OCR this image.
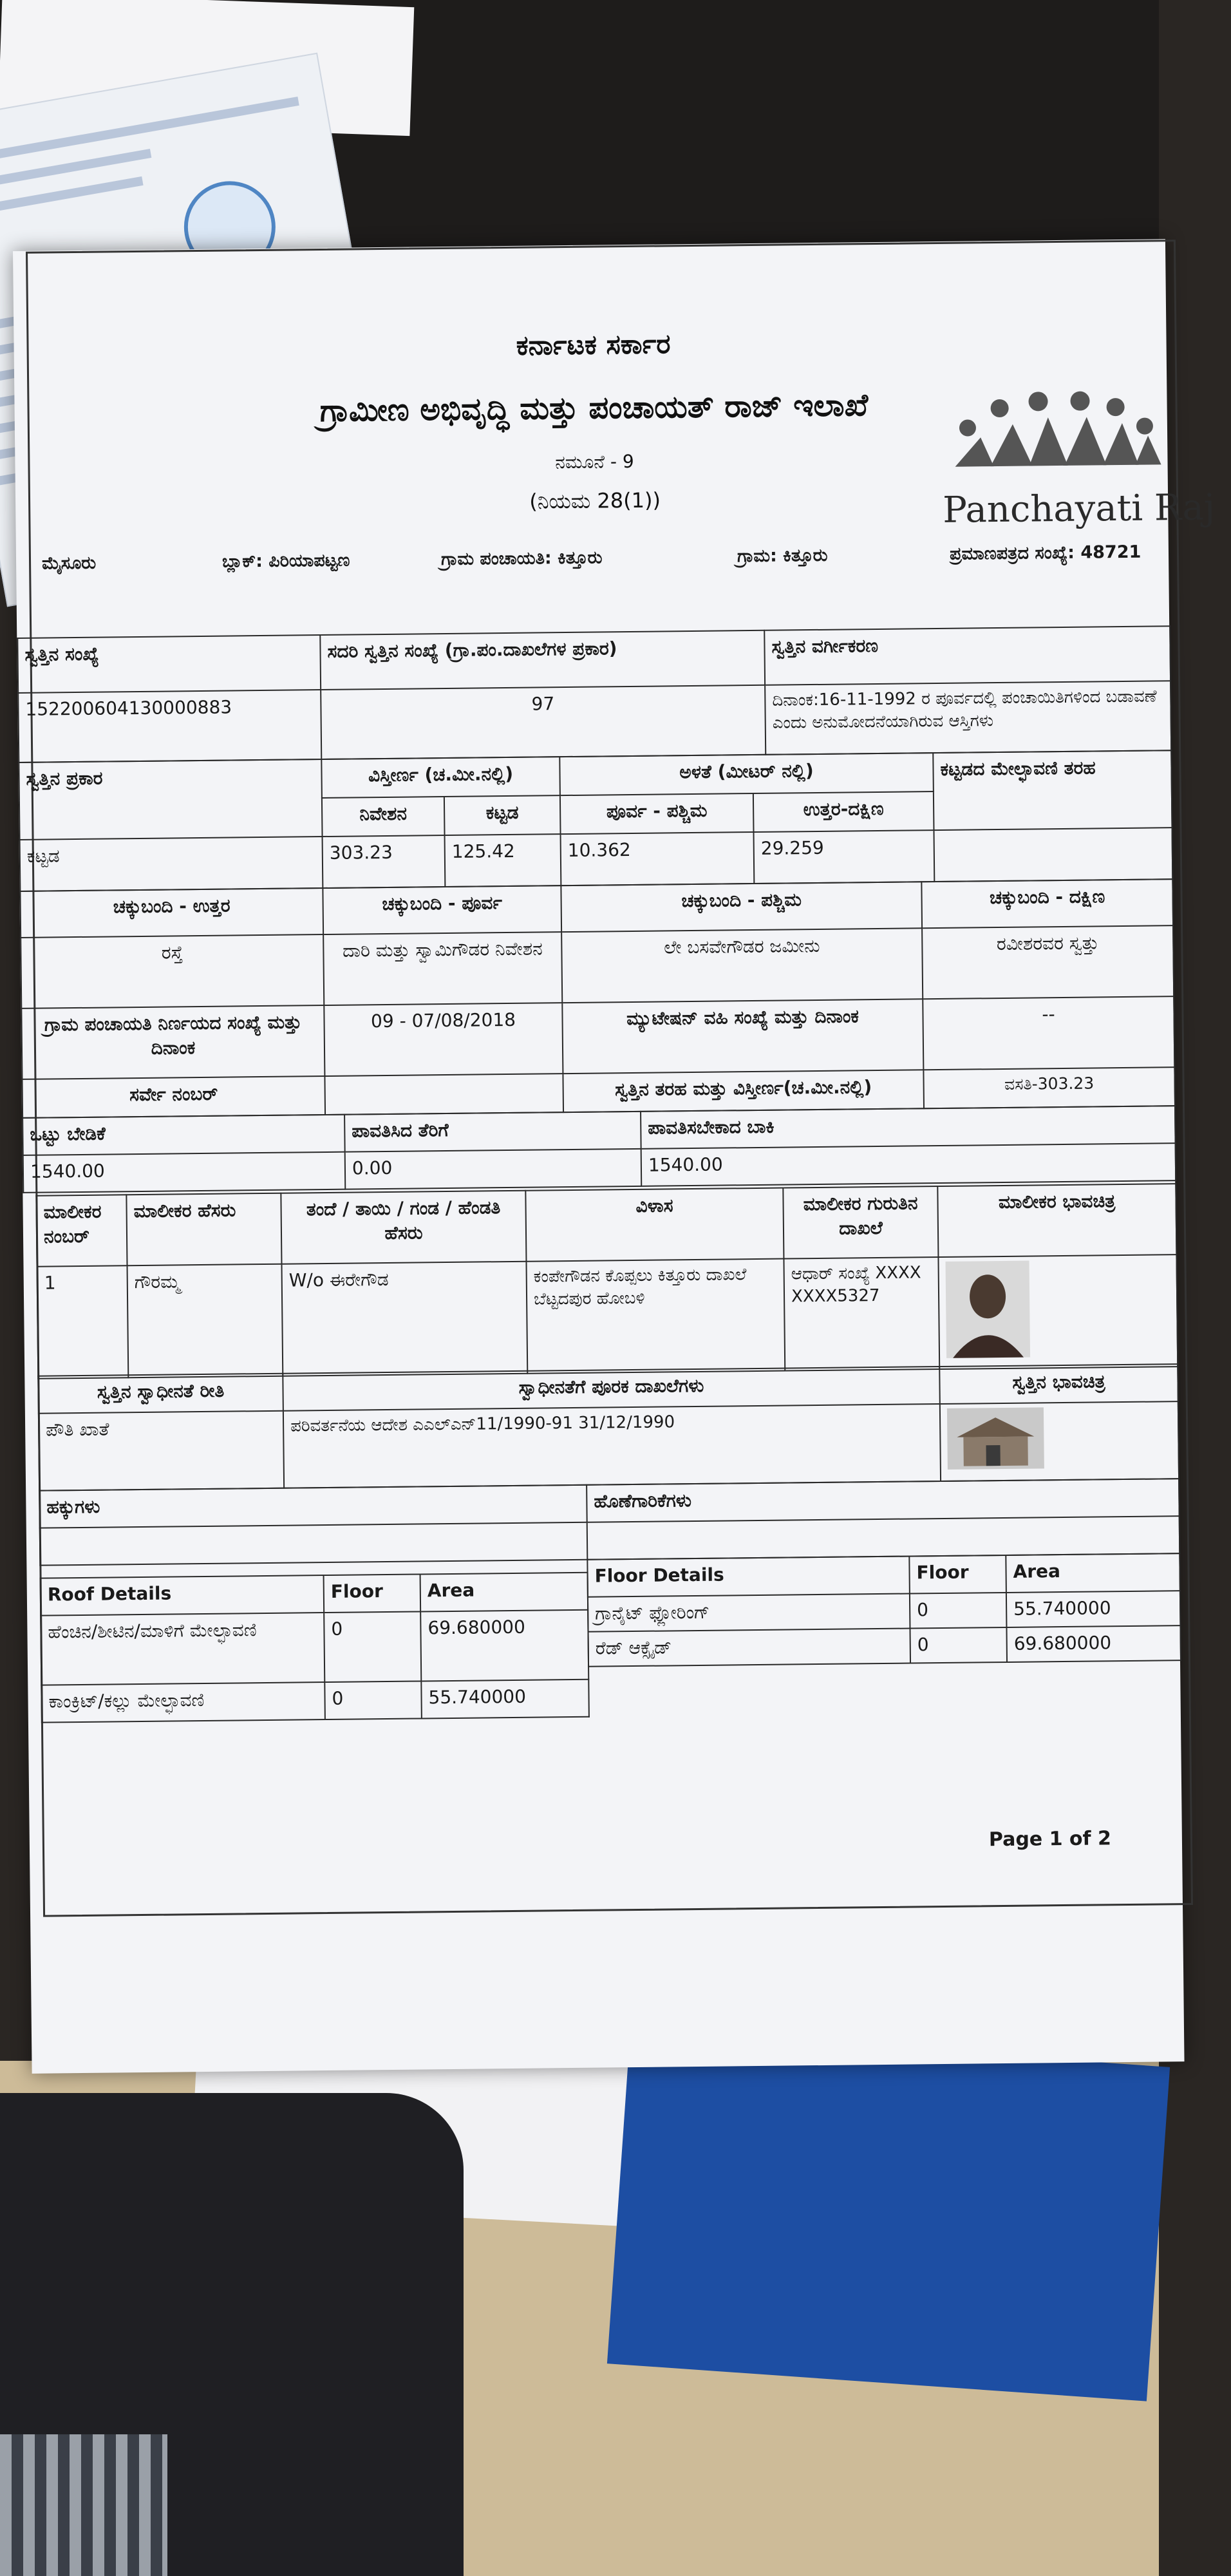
ಕರ್ನಾಟಕ ಸರ್ಕಾರ
ಗ್ರಾಮೀಣ ಅಭಿವೃದ್ಧಿ ಮತ್ತು ಪಂಚಾಯತ್ ರಾಜ್ ಇಲಾಖೆ
ನಮೂನೆ - 9
(ನಿಯಮ 28(1))	Panchayati Raj
ಮೈಸೂರು	ಬ್ಲಾಕ್: ಪಿರಿಯಾಪಟ್ಟಣ	ಗ್ರಾಮ ಪಂಚಾಯತಿ: ಕಿತ್ತೂರು	ಗ್ರಾಮ: ಕಿತ್ತೂರು	ಪ್ರಮಾಣಪತ್ರದ ಸಂಖ್ಯೆ: 48721
ಸ್ವತ್ತಿನ ಸಂಖ್ಯೆ	ಸದರಿ ಸ್ವತ್ತಿನ ಸಂಖ್ಯೆ (ಗ್ರಾ.ಪಂ.ದಾಖಲೆಗಳ ಪ್ರಕಾರ)	ಸ್ವತ್ತಿನ ವರ್ಗೀಕರಣ
152200604130000883	97	ದಿನಾಂಕ:16-11-1992 ರ ಪೂರ್ವದಲ್ಲಿ ಪಂಚಾಯಿತಿಗಳಿಂದ ಬಡಾವಣೆ ಎಂದು ಅನುಮೋದನೆಯಾಗಿರುವ ಆಸ್ತಿಗಳು
ಸ್ವತ್ತಿನ ಪ್ರಕಾರ	ವಿಸ್ತೀರ್ಣ (ಚ.ಮೀ.ನಲ್ಲಿ)		ಅಳತೆ (ಮೀಟರ್ ನಲ್ಲಿ)		ಕಟ್ಟಡದ ಮೇಲ್ಛಾವಣಿ ತರಹ
	ನಿವೇಶನ	ಕಟ್ಟಡ	ಪೂರ್ವ - ಪಶ್ಚಿಮ	ಉತ್ತರ-ದಕ್ಷಿಣ	
ಕಟ್ಟಡ	303.23	125.42	10.362	29.259	
ಚಕ್ಕುಬಂದಿ - ಉತ್ತರ	ಚಕ್ಕುಬಂದಿ - ಪೂರ್ವ	ಚಕ್ಕುಬಂದಿ - ಪಶ್ಚಿಮ	ಚಕ್ಕುಬಂದಿ - ದಕ್ಷಿಣ
ರಸ್ತೆ	ದಾರಿ ಮತ್ತು ಸ್ವಾಮಿಗೌಡರ ನಿವೇಶನ	ಲೇ ಬಸವೇಗೌಡರ ಜಮೀನು	ರವೀಶರವರ ಸ್ವತ್ತು
ಗ್ರಾಮ ಪಂಚಾಯತಿ ನಿರ್ಣಯದ ಸಂಖ್ಯೆ ಮತ್ತು ದಿನಾಂಕ	09 - 07/08/2018	ಮ್ಯುಟೇಷನ್ ವಹಿ ಸಂಖ್ಯೆ ಮತ್ತು ದಿನಾಂಕ	--
ಸರ್ವೇ ನಂಬರ್		ಸ್ವತ್ತಿನ ತರಹ ಮತ್ತು ವಿಸ್ತೀರ್ಣ(ಚ.ಮೀ.ನಲ್ಲಿ)	ವಸತಿ-303.23
ಒಟ್ಟು ಬೇಡಿಕೆ	ಪಾವತಿಸಿದ ತೆರಿಗೆ	ಪಾವತಿಸಬೇಕಾದ ಬಾಕಿ
1540.00	0.00	1540.00
ಮಾಲೀಕರ ನಂಬರ್	ಮಾಲೀಕರ ಹೆಸರು	ತಂದೆ / ತಾಯಿ / ಗಂಡ / ಹೆಂಡತಿ ಹೆಸರು	ವಿಳಾಸ	ಮಾಲೀಕರ ಗುರುತಿನ ದಾಖಲೆ	ಮಾಲೀಕರ ಭಾವಚಿತ್ರ
1	ಗೌರಮ್ಮ	W/o ಈರೇಗೌಡ	ಕಂಪೇಗೌಡನ ಕೊಪ್ಪಲು ಕಿತ್ತೂರು ದಾಖಲೆ ಬೆಟ್ಟದಪುರ ಹೋಬಳಿ	ಆಧಾರ್ ಸಂಖ್ಯೆ XXXXXXXX5327	
ಸ್ವತ್ತಿನ ಸ್ವಾಧೀನತೆ ರೀತಿ	ಸ್ವಾಧೀನತೆಗೆ ಪೂರಕ ದಾಖಲೆಗಳು	ಸ್ವತ್ತಿನ ಭಾವಚಿತ್ರ
ಪೌತಿ ಖಾತೆ	ಪರಿವರ್ತನೆಯ ಆದೇಶ ಎಎಲ್ಎನ್11/1990-91 31/12/1990	
ಹಕ್ಕುಗಳು	ಹೊಣೆಗಾರಿಕೆಗಳು

Roof Details	Floor	Area
ಹೆಂಚಿನ/ಶೀಟಿನ/ಮಾಳಿಗೆ ಮೇಲ್ಛಾವಣಿ	0	69.680000
ಕಾಂಕ್ರಿಟ್/ಕಲ್ಲು ಮೇಲ್ಛಾವಣಿ	0	55.740000
Floor Details	Floor	Area
ಗ್ರಾನೈಟ್ ಫ್ಲೋರಿಂಗ್	0	55.740000
ರೆಡ್ ಆಕ್ಸೈಡ್	0	69.680000
Page 1 of 2
